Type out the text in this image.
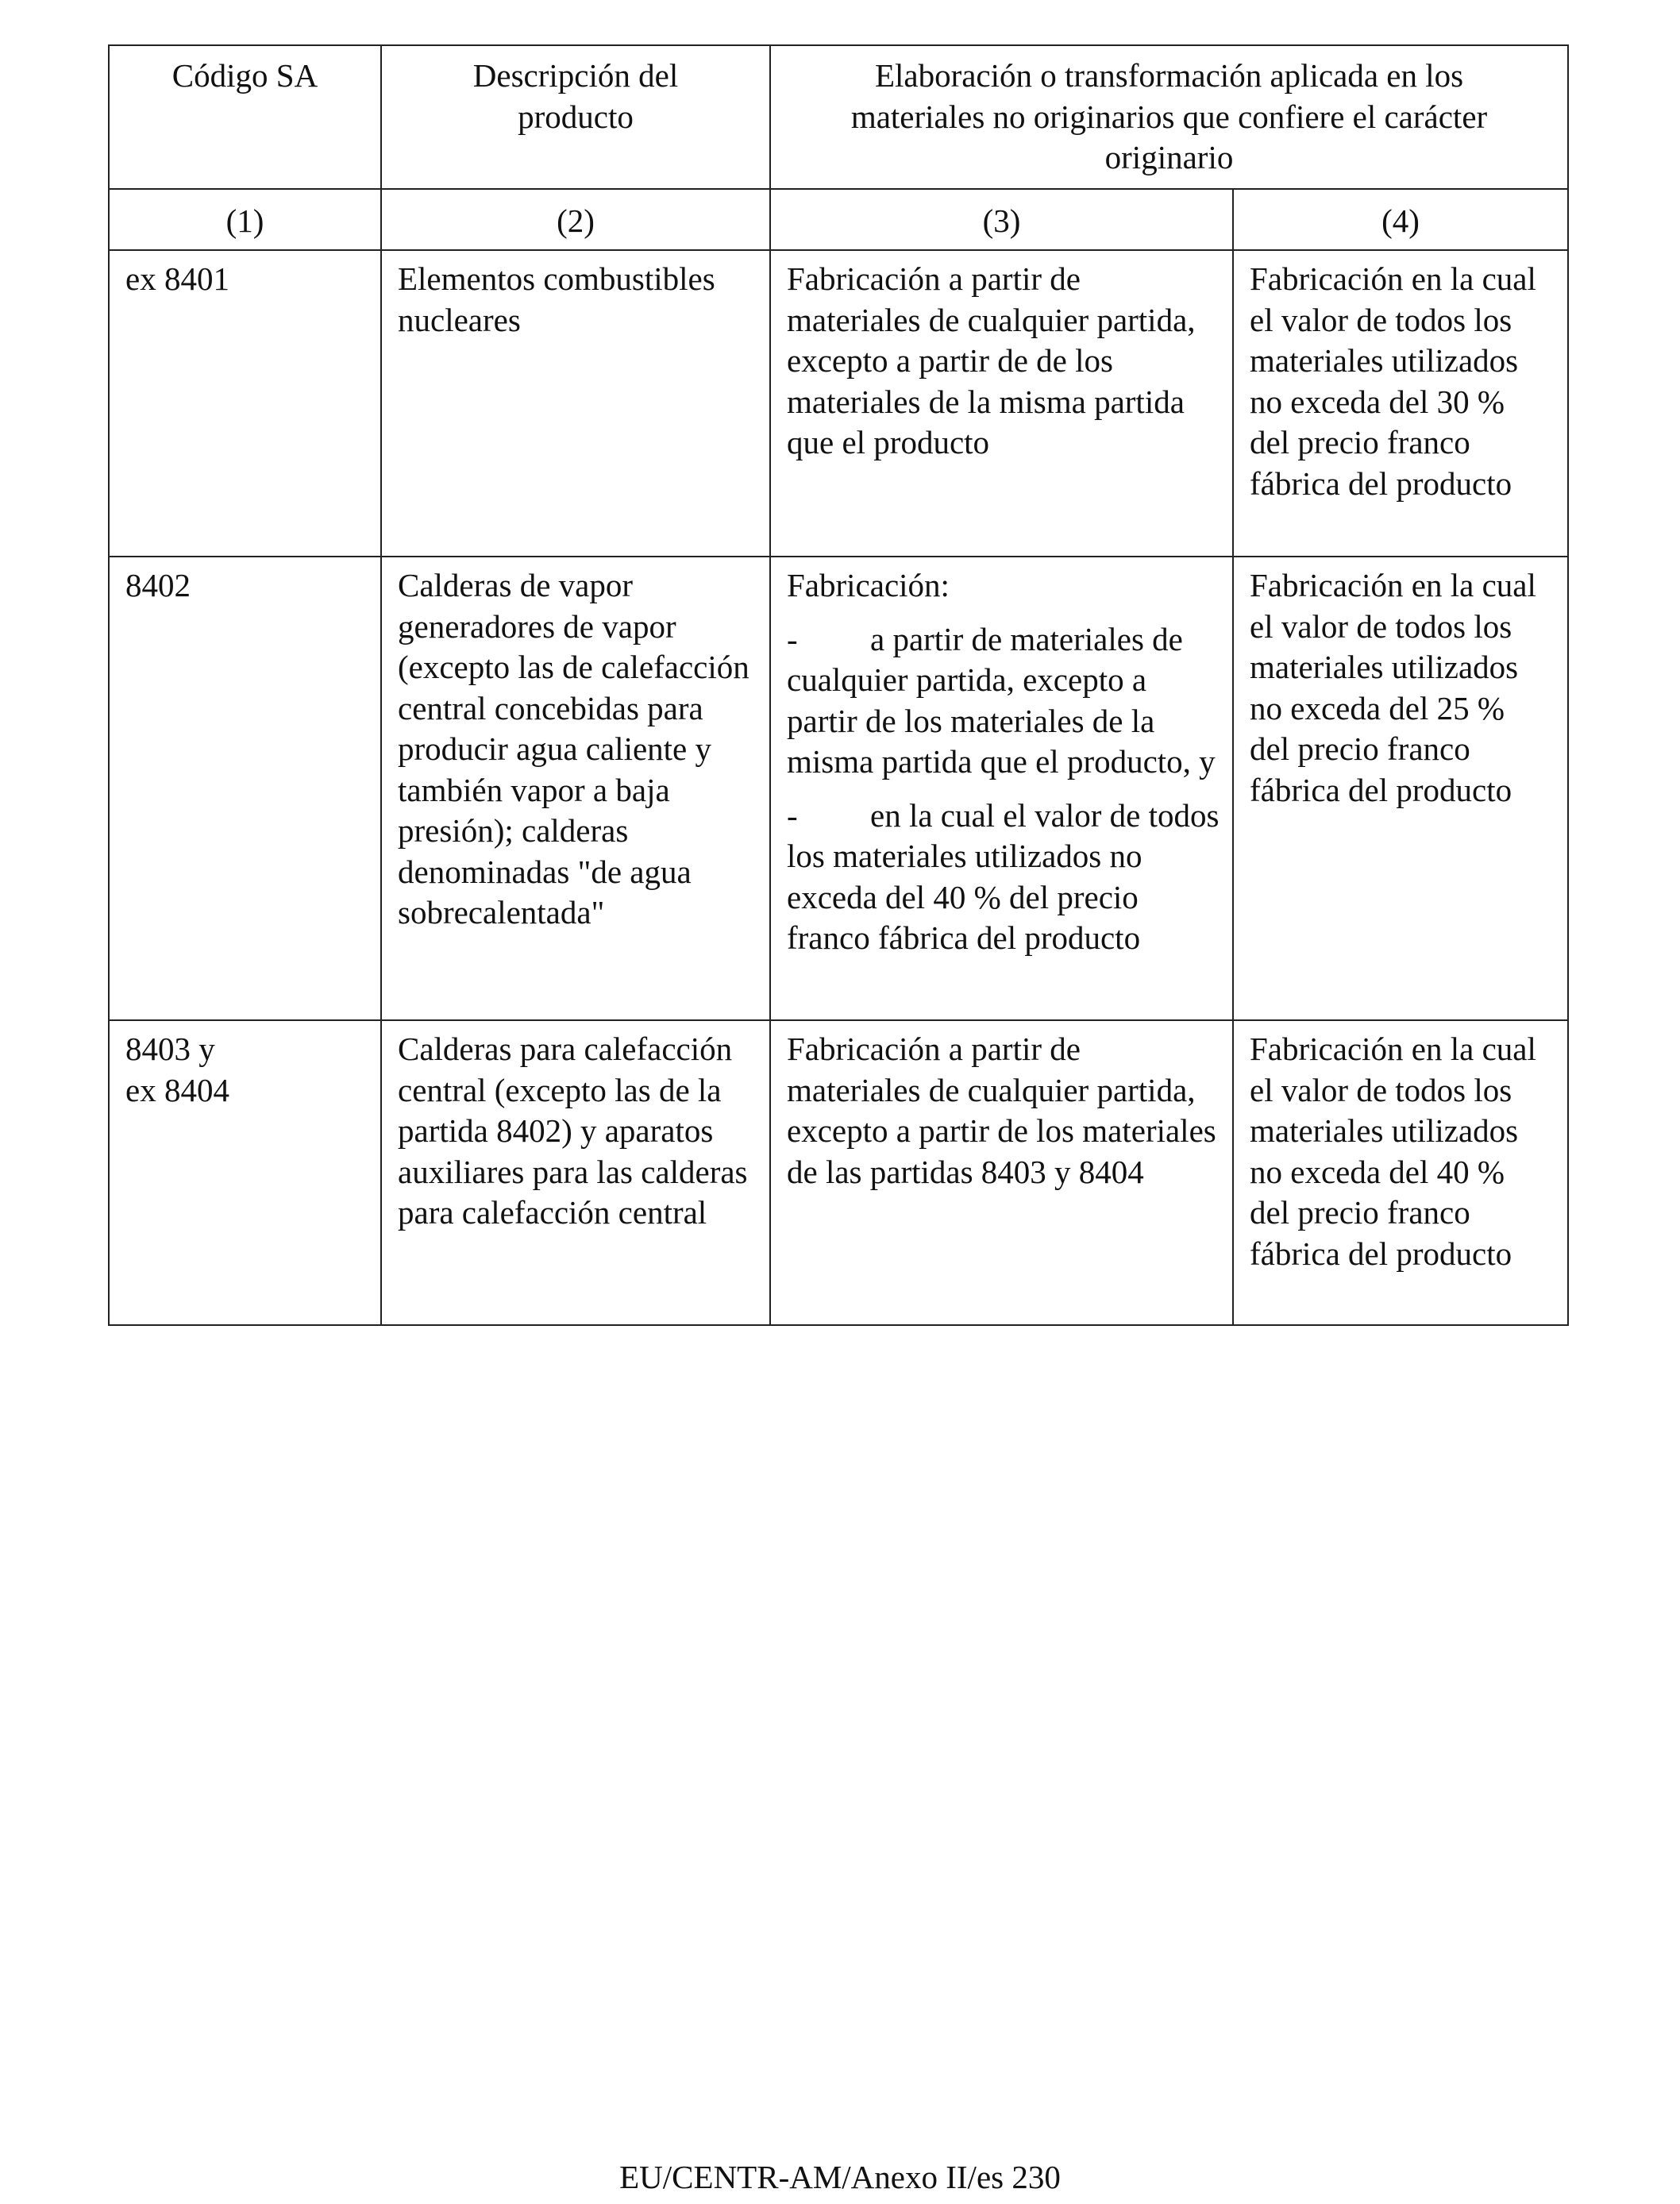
Código SA	Descripción del producto	Elaboración o transformación aplicada en los materiales no originarios que confiere el carácter originario	
(1)	(2)	(3)	(4)

ex 8401	Elementos combustibles nucleares	Fabricación a partir de materiales de cualquier partida, excepto a partir de de los materiales de la misma partida que el producto	Fabricación en la cual el valor de todos los materiales utilizados no exceda del 30 % del precio franco fábrica del producto

8402	Calderas de vapor generadores de vapor (excepto las de calefacción central concebidas para producir agua caliente y también vapor a baja presión); calderas denominadas "de agua sobrecalentada"	Fabricación:
- a partir de materiales de cualquier partida, excepto a partir de los materiales de la misma partida que el producto, y
- en la cual el valor de todos los materiales utilizados no exceda del 40 % del precio franco fábrica del producto	Fabricación en la cual el valor de todos los materiales utilizados no exceda del 25 % del precio franco fábrica del producto

8403 y
ex 8404	Calderas para calefacción central (excepto las de la partida 8402) y aparatos auxiliares para las calderas para calefacción central	Fabricación a partir de materiales de cualquier partida, excepto a partir de los materiales de las partidas 8403 y 8404	Fabricación en la cual el valor de todos los materiales utilizados no exceda del 40 % del precio franco fábrica del producto
EU/CENTR-AM/Anexo II/es 230
